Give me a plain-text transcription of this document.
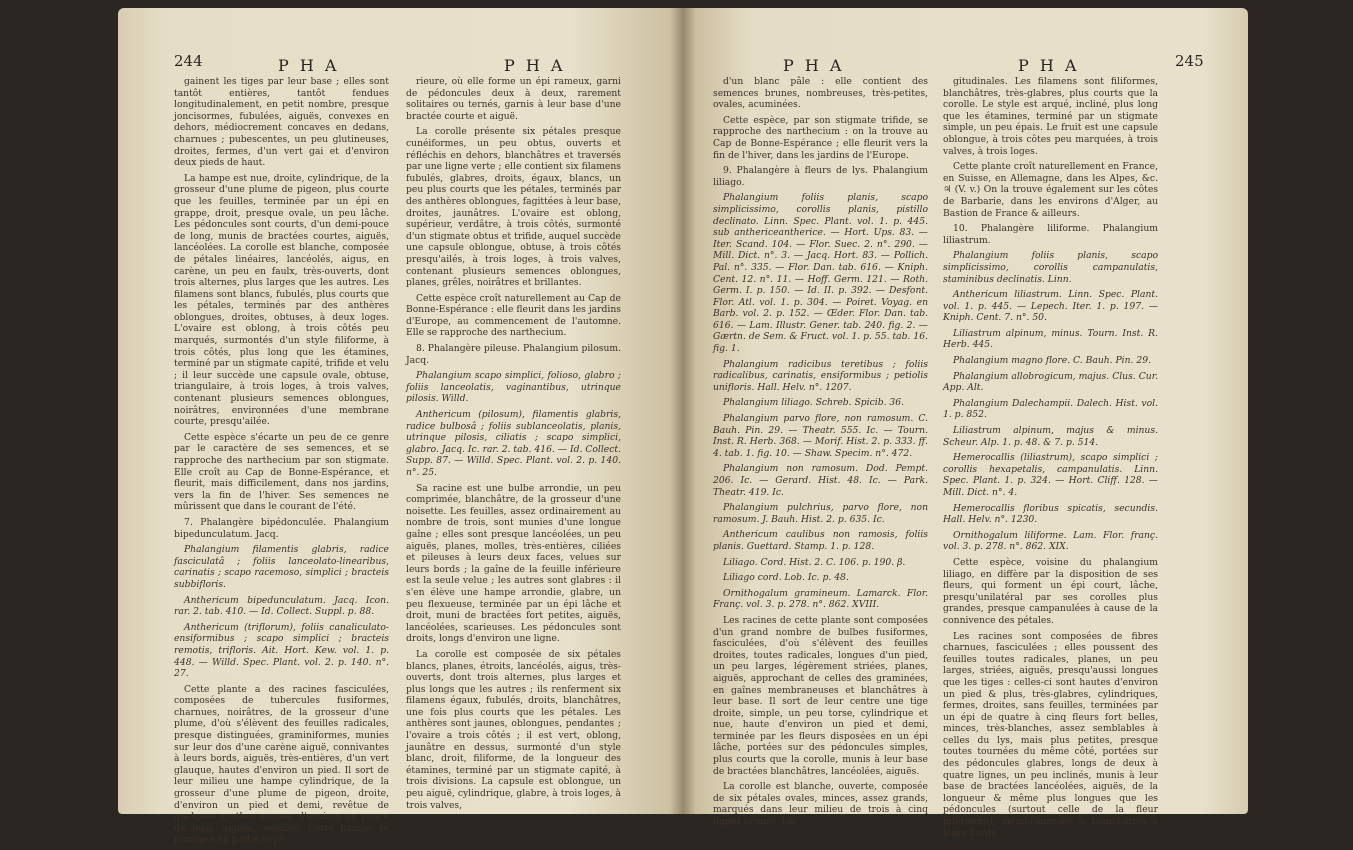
244	P H A	P H A

gainent les tiges par leur base ; elles sont tantôt entières, tantôt fendues longitudinalement, en petit nombre, presque joncisormes, fubulées, aiguës, convexes en dehors, médiocrement concaves en dedans, charnues ; pubescentes, un peu glutineuses, droites, fermes, d'un vert gai et d'environ deux pieds de haut.

La hampe est nue, droite, cylindrique, de la grosseur d'une plume de pigeon, plus courte que les feuilles, terminée par un épi en grappe, droit, presque ovale, un peu lâche. Les pédoncules sont courts, d'un demi-pouce de long, munis de bractées courtes, aiguës, lancéolées. La corolle est blanche, composée de pétales linéaires, lancéolés, aigus, en carène, un peu en faulx, très-ouverts, dont trois alternes, plus larges que les autres. Les filamens sont blancs, fubulés, plus courts que les pétales, terminés par des anthères oblongues, droites, obtuses, à deux loges. L'ovaire est oblong, à trois côtés peu marqués, surmontés d'un style filiforme, à trois côtés, plus long que les étamines, terminé par un stigmate capité, trifide et velu ; il leur succède une capsule ovale, obtuse, triangulaire, à trois loges, à trois valves, contenant plusieurs semences oblongues, noirâtres, environnées d'une membrane courte, presqu'ailée.

Cette espèce s'écarte un peu de ce genre par le caractère de ses semences, et se rapproche des narthecium par son stigmate. Elle croît au Cap de Bonne-Espérance, et fleurit, mais difficilement, dans nos jardins, vers la fin de l'hiver. Ses semences ne mûrissent que dans le courant de l'été.

7. Phalangère bipédonculée. Phalangium bipedunculatum. Jacq.

Phalangium filamentis glabris, radice fasciculatâ ; foliis lanceolato-linearibus, carinatis ; scapo racemoso, simplici ; bracteis subbifloris.

Anthericum bipedunculatum. Jacq. Icon. rar. 2. tab. 410. — Id. Collect. Suppl. p. 88.

Anthericum (triflorum), foliis canaliculato-ensiformibus ; scapo simplici ; bracteis remotis, trifloris. Ait. Hort. Kew. vol. 1. p. 448. — Willd. Spec. Plant. vol. 2. p. 140. n°. 27.

Cette plante a des racines fasciculées, composées de tubercules fusiformes, charnues, noirâtres, de la grosseur d'une plume, d'où s'élèvent des feuilles radicales, presque distinguées, graminiformes, munies sur leur dos d'une carène aiguë, connivantes à leurs bords, aiguës, très-entières, d'un vert glauque, hautes d'environ un pied. Il sort de leur milieu une hampe cylindrique, de la grosseur d'une plume de pigeon, droite, d'environ un pied et demi, revêtue de quelques spathes vagues, d'environ un pouce de long, aiguës, sessiles. Cette hampe se ramifie à sa partie supé-

rieure, où elle forme un épi rameux, garni de pédoncules deux à deux, rarement solitaires ou ternés, garnis à leur base d'une bractée courte et aiguë.

La corolle présente six pétales presque cunéiformes, un peu obtus, ouverts et réfléchis en dehors, blanchâtres et traversés par une ligne verte ; elle contient six filamens fubulés, glabres, droits, égaux, blancs, un peu plus courts que les pétales, terminés par des anthères oblongues, fagittées à leur base, droites, jaunâtres. L'ovaire est oblong, supérieur, verdâtre, à trois côtés, surmonté d'un stigmate obtus et trifide, auquel succède une capsule oblongue, obtuse, à trois côtés presqu'ailés, à trois loges, à trois valves, contenant plusieurs semences oblongues, planes, grêles, noirâtres et brillantes.

Cette espèce croît naturellement au Cap de Bonne-Espérance : elle fleurit dans les jardins d'Europe, au commencement de l'automne. Elle se rapproche des narthecium.

8. Phalangère pileuse. Phalangium pilosum. Jacq.

Phalangium scapo simplici, folioso, glabro ; foliis lanceolatis, vaginantibus, utrinque pilosis. Willd.

Anthericum (pilosum), filamentis glabris, radice bulbosâ ; foliis sublanceolatis, planis, utrinque pilosis, ciliatis ; scapo simplici, glabro. Jacq. Ic. rar. 2. tab. 416. — Id. Collect. Supp. 87. — Willd. Spec. Plant. vol. 2. p. 140. n°. 25.

Sa racine est une bulbe arrondie, un peu comprimée, blanchâtre, de la grosseur d'une noisette. Les feuilles, assez ordinairement au nombre de trois, sont munies d'une longue gaîne ; elles sont presque lancéolées, un peu aiguës, planes, molles, très-entières, ciliées et pileuses à leurs deux faces, velues sur leurs bords ; la gaîne de la feuille inférieure est la seule velue ; les autres sont glabres : il s'en élève une hampe arrondie, glabre, un peu flexueuse, terminée par un épi lâche et droit, muni de bractées fort petites, aiguës, lancéolées, scarieuses. Les pédoncules sont droits, longs d'environ une ligne.

La corolle est composée de six pétales blancs, planes, étroits, lancéolés, aigus, très-ouverts, dont trois alternes, plus larges et plus longs que les autres ; ils renferment six filamens égaux, fubulés, droits, blanchâtres, une fois plus courts que les pétales. Les anthères sont jaunes, oblongues, pendantes ; l'ovaire a trois côtés ; il est vert, oblong, jaunâtre en dessus, surmonté d'un style blanc, droit, filiforme, de la longueur des étamines, terminé par un stigmate capité, à trois divisions. La capsule est oblongue, un peu aiguë, cylindrique, glabre, à trois loges, à trois valves,

P H A	P H A	245

d'un blanc pâle : elle contient des semences brunes, nombreuses, très-petites, ovales, acuminées.

Cette espèce, par son stigmate trifide, se rapproche des narthecium : on la trouve au Cap de Bonne-Espérance ; elle fleurit vers la fin de l'hiver, dans les jardins de l'Europe.

9. Phalangère à fleurs de lys. Phalangium liliago.

Phalangium foliis planis, scapo simplicissimo, corollis planis, pistillo declinato. Linn. Spec. Plant. vol. 1. p. 445. sub anthericeantherice. — Hort. Ups. 83. — Iter. Scand. 104. — Flor. Suec. 2. n°. 290. — Mill. Dict. n°. 3. — Jacq. Hort. 83. — Pollich. Pal. n°. 335. — Flor. Dan. tab. 616. — Kniph. Cent. 12. n°. 11. — Hoff. Germ. 121. — Roth. Germ. I. p. 150. — Id. II. p. 392. — Desfont. Flor. Atl. vol. 1. p. 304. — Poiret. Voyag. en Barb. vol. 2. p. 152. — Œder. Flor. Dan. tab. 616. — Lam. Illustr. Gener. tab. 240. fig. 2. — Gærtn. de Sem. & Fruct. vol. 1. p. 55. tab. 16. fig. 1.

Phalangium radicibus teretibus ; foliis radicalibus, carinatis, ensiformibus ; petiolis unifloris. Hall. Helv. n°. 1207.

Phalangium liliago. Schreb. Spicib. 36.

Phalangium parvo flore, non ramosum. C. Bauh. Pin. 29. — Theatr. 555. Ic. — Tourn. Inst. R. Herb. 368. — Morif. Hist. 2. p. 333. ff. 4. tab. 1. fig. 10. — Shaw. Specim. n°. 472.

Phalangium non ramosum. Dod. Pempt. 206. Ic. — Gerard. Hist. 48. Ic. — Park. Theatr. 419. Ic.

Phalangium pulchrius, parvo flore, non ramosum. J. Bauh. Hist. 2. p. 635. Ic.

Anthericum caulibus non ramosis, foliis planis. Guettard. Stamp. 1. p. 128.

Liliago. Cord. Hist. 2. C. 106. p. 190. β.

Liliago cord. Lob. Ic. p. 48.

Ornithogalum gramineum. Lamarck. Flor. Franç. vol. 3. p. 278. n°. 862. XVIII.

Les racines de cette plante sont composées d'un grand nombre de bulbes fusiformes, fasciculées, d'où s'élèvent des feuilles droites, toutes radicales, longues d'un pied, un peu larges, légèrement striées, planes, aiguës, approchant de celles des graminées, en gaînes membraneuses et blanchâtres à leur base. Il sort de leur centre une tige droite, simple, un peu torse, cylindrique et nue, haute d'environ un pied et demi, terminée par les fleurs disposées en un épi lâche, portées sur des pédoncules simples, plus courts que la corolle, munis à leur base de bractées blanchâtres, lancéolées, aiguës.

La corolle est blanche, ouverte, composée de six pétales ovales, minces, assez grands, marqués dans leur milieu de trois à cinq lignes brunes, lon-

gitudinales. Les filamens sont filiformes, blanchâtres, très-glabres, plus courts que la corolle. Le style est arqué, incliné, plus long que les étamines, terminé par un stigmate simple, un peu épais. Le fruit est une capsule oblongue, à trois côtes peu marquées, à trois valves, à trois loges.

Cette plante croît naturellement en France, en Suisse, en Allemagne, dans les Alpes, &c. ♃ (V. v.) On la trouve également sur les côtes de Barbarie, dans les environs d'Alger, au Bastion de France & ailleurs.

10. Phalangère liliforme. Phalangium liliastrum.

Phalangium foliis planis, scapo simplicissimo, corollis campanulatis, staminibus declinatis. Linn.

Anthericum liliastrum. Linn. Spec. Plant. vol. 1. p. 445. — Lepech. Iter. 1. p. 197. — Kniph. Cent. 7. n°. 50.

Liliastrum alpinum, minus. Tourn. Inst. R. Herb. 445.

Phalangium magno flore. C. Bauh. Pin. 29.

Phalangium allobrogicum, majus. Clus. Cur. App. Alt.

Phalangium Dalechampii. Dalech. Hist. vol. 1. p. 852.

Liliastrum alpinum, majus & minus. Scheur. Alp. 1. p. 48. & 7. p. 514.

Hemerocallis (liliastrum), scapo simplici ; corollis hexapetalis, campanulatis. Linn. Spec. Plant. 1. p. 324. — Hort. Cliff. 128. — Mill. Dict. n°. 4.

Hemerocallis floribus spicatis, secundis. Hall. Helv. n°. 1230.

Ornithogalum liliforme. Lam. Flor. franç. vol. 3. p. 278. n°. 862. XIX.

Cette espèce, voisine du phalangium liliago, en diffère par la disposition de ses fleurs, qui forment un épi court, lâche, presqu'unilatéral par ses corolles plus grandes, presque campanulées à cause de la connivence des pétales.

Les racines sont composées de fibres charnues, fasciculées ; elles poussent des feuilles toutes radicales, planes, un peu larges, striées, aiguës, presqu'aussi longues que les tiges : celles-ci sont hautes d'environ un pied & plus, très-glabres, cylindriques, fermes, droites, sans feuilles, terminées par un épi de quatre à cinq fleurs fort belles, minces, très-blanches, assez semblables à celles du lys, mais plus petites, presque toutes tournées du même côté, portées sur des pédoncules glabres, longs de deux à quatre lignes, un peu inclinés, munis à leur base de bractées lancéolées, aiguës, de la longueur & même plus longues que les pédoncules (surtout celle de la fleur inférieure), membraneuses & blanchâtres à leurs bords.
